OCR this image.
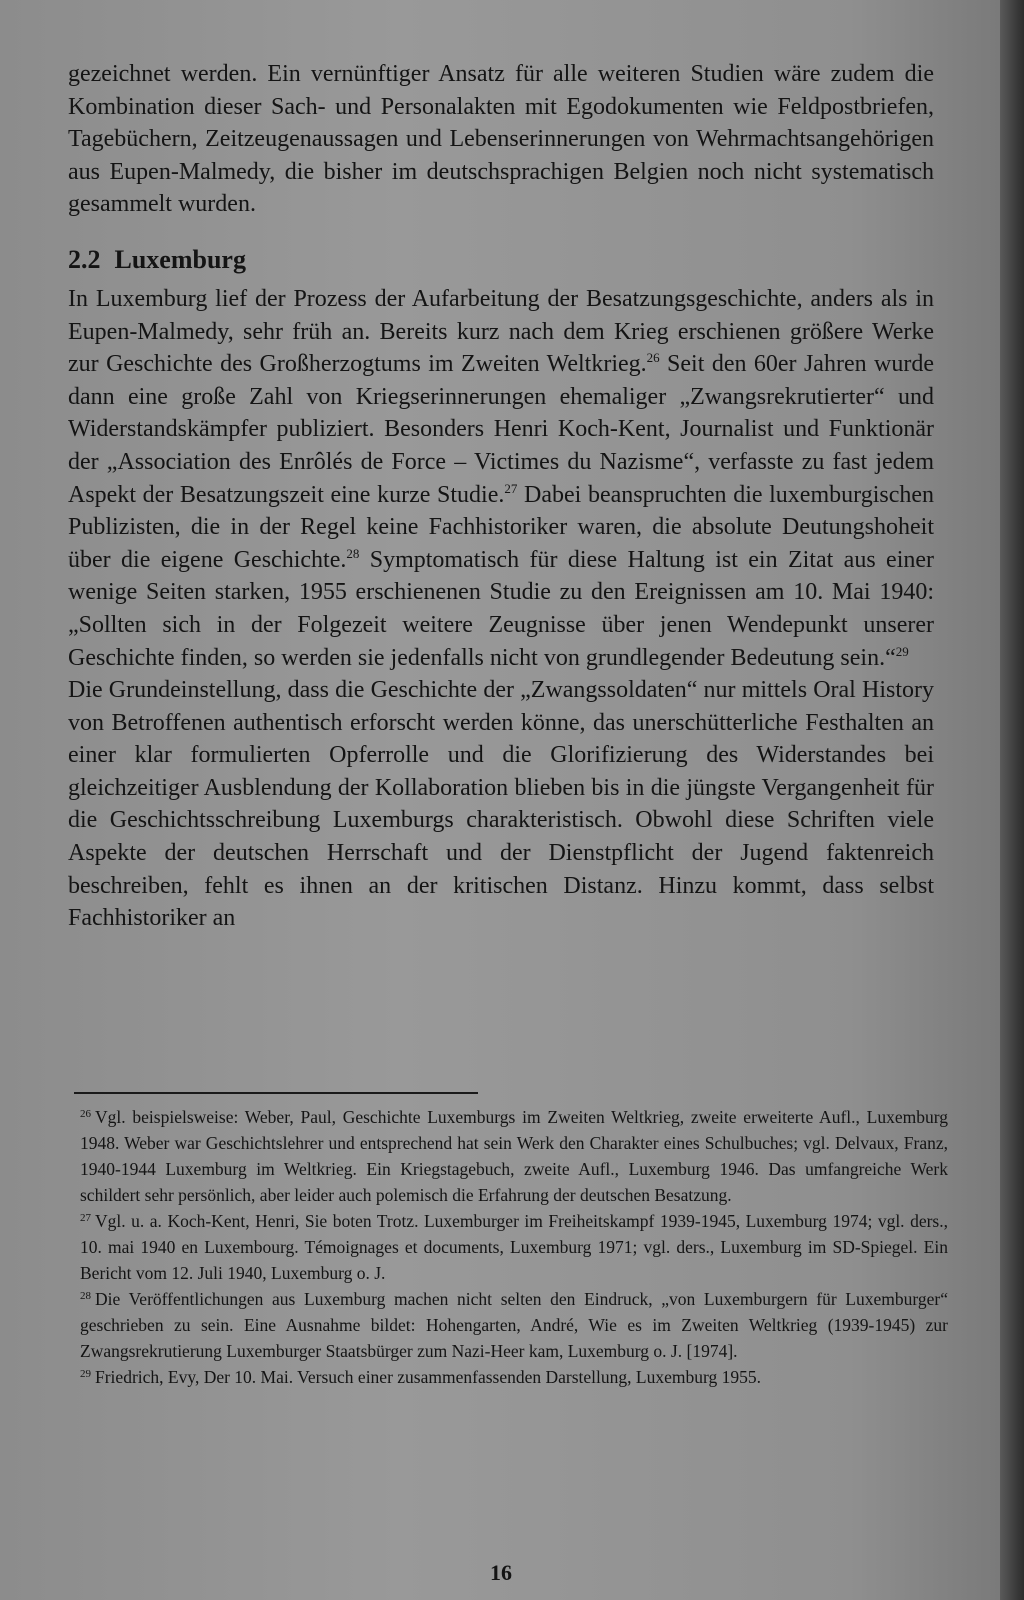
gezeichnet werden. Ein vernünftiger Ansatz für alle weiteren Studien wäre zudem die Kombination dieser Sach- und Personalakten mit Egodokumenten wie Feldpostbriefen, Tagebüchern, Zeitzeugenaussagen und Lebenserinnerungen von Wehrmachtsangehörigen aus Eupen-Malmedy, die bisher im deutschsprachigen Belgien noch nicht systematisch gesammelt wurden.

2.2 Luxemburg

In Luxemburg lief der Prozess der Aufarbeitung der Besatzungsgeschichte, anders als in Eupen-Malmedy, sehr früh an. Bereits kurz nach dem Krieg erschienen größere Werke zur Geschichte des Großherzogtums im Zweiten Weltkrieg.$^{26}$ Seit den 60er Jahren wurde dann eine große Zahl von Kriegserinnerungen ehemaliger „Zwangsrekrutierter“ und Widerstandskämpfer publiziert. Besonders Henri Koch-Kent, Journalist und Funktionär der „Association des Enrôlés de Force – Victimes du Nazisme“, verfasste zu fast jedem Aspekt der Besatzungszeit eine kurze Studie.$^{27}$ Dabei beanspruchten die luxemburgischen Publizisten, die in der Regel keine Fachhistoriker waren, die absolute Deutungshoheit über die eigene Geschichte.$^{28}$ Symptomatisch für diese Haltung ist ein Zitat aus einer wenige Seiten starken, 1955 erschienenen Studie zu den Ereignissen am 10. Mai 1940: „Sollten sich in der Folgezeit weitere Zeugnisse über jenen Wendepunkt unserer Geschichte finden, so werden sie jedenfalls nicht von grundlegender Bedeutung sein.“$^{29}$

Die Grundeinstellung, dass die Geschichte der „Zwangssoldaten“ nur mittels Oral History von Betroffenen authentisch erforscht werden könne, das unerschütterliche Festhalten an einer klar formulierten Opferrolle und die Glorifizierung des Widerstandes bei gleichzeitiger Ausblendung der Kollaboration blieben bis in die jüngste Vergangenheit für die Geschichtsschreibung Luxemburgs charakteristisch. Obwohl diese Schriften viele Aspekte der deutschen Herrschaft und der Dienstpflicht der Jugend faktenreich beschreiben, fehlt es ihnen an der kritischen Distanz. Hinzu kommt, dass selbst Fachhistoriker an

$^{26}$ Vgl. beispielsweise: Weber, Paul, Geschichte Luxemburgs im Zweiten Weltkrieg, zweite erweiterte Aufl., Luxemburg 1948. Weber war Geschichtslehrer und entsprechend hat sein Werk den Charakter eines Schulbuches; vgl. Delvaux, Franz, 1940-1944 Luxemburg im Weltkrieg. Ein Kriegstagebuch, zweite Aufl., Luxemburg 1946. Das umfangreiche Werk schildert sehr persönlich, aber leider auch polemisch die Erfahrung der deutschen Besatzung.

$^{27}$ Vgl. u. a. Koch-Kent, Henri, Sie boten Trotz. Luxemburger im Freiheitskampf 1939-1945, Luxemburg 1974; vgl. ders., 10. mai 1940 en Luxembourg. Témoignages et documents, Luxemburg 1971; vgl. ders., Luxemburg im SD-Spiegel. Ein Bericht vom 12. Juli 1940, Luxemburg o. J.

$^{28}$ Die Veröffentlichungen aus Luxemburg machen nicht selten den Eindruck, „von Luxemburgern für Luxemburger“ geschrieben zu sein. Eine Ausnahme bildet: Hohengarten, André, Wie es im Zweiten Weltkrieg (1939-1945) zur Zwangsrekrutierung Luxemburger Staatsbürger zum Nazi-Heer kam, Luxemburg o. J. [1974].

$^{29}$ Friedrich, Evy, Der 10. Mai. Versuch einer zusammenfassenden Darstellung, Luxemburg 1955.

16
